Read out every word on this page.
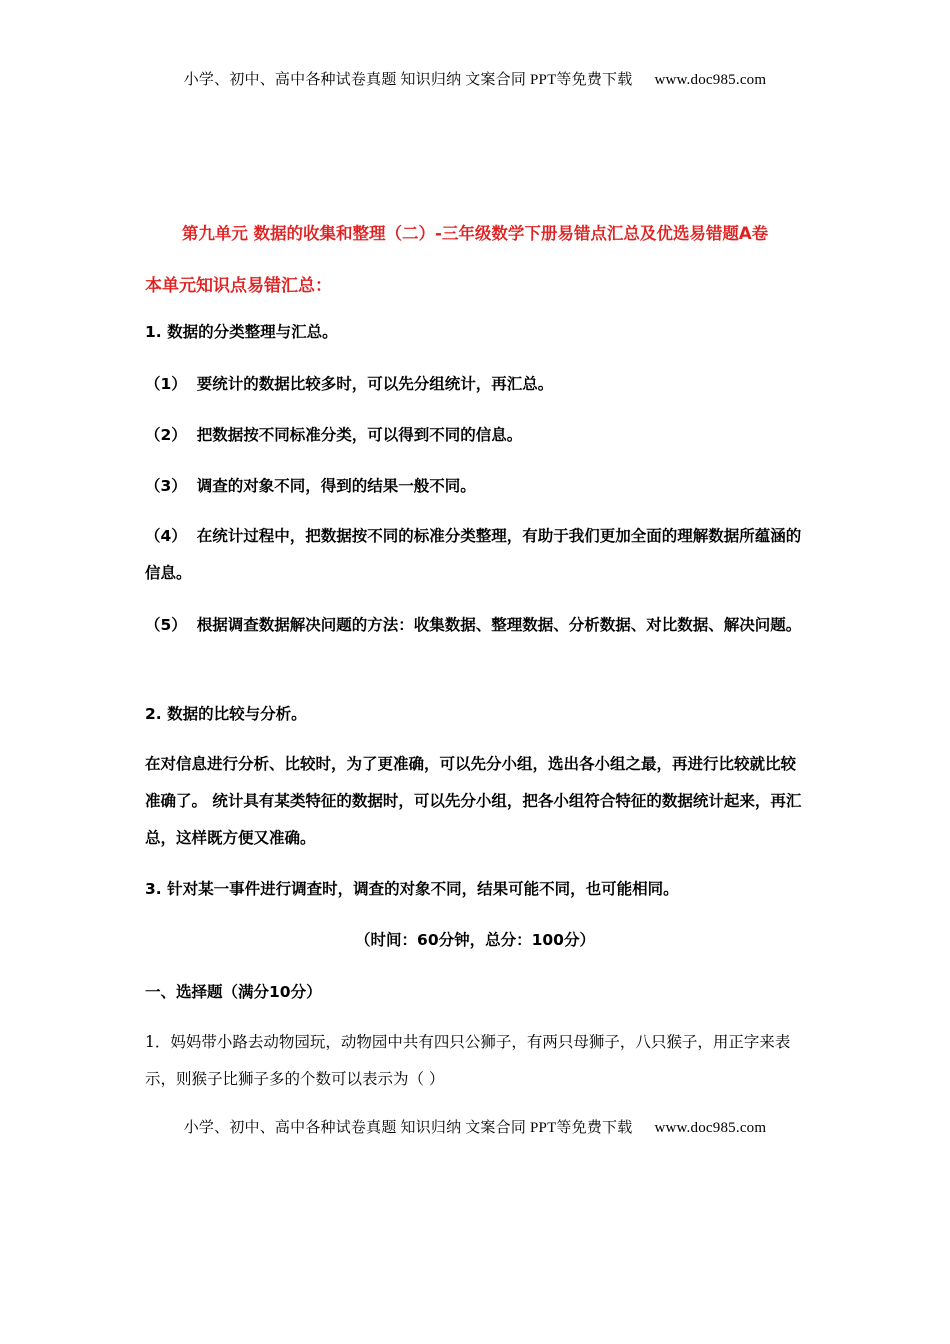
小学、初中、高中各种试卷真题 知识归纳 文案合同 PPT等免费下载 www.doc985.com
第九单元 数据的收集和整理（二）-三年级数学下册易错点汇总及优选易错题A卷
本单元知识点易错汇总：
1. 数据的分类整理与汇总。
（1） 要统计的数据比较多时，可以先分组统计，再汇总。
（2） 把数据按不同标准分类，可以得到不同的信息。
（3） 调查的对象不同，得到的结果一般不同。
（4） 在统计过程中，把数据按不同的标准分类整理，有助于我们更加全面的理解数据所蕴涵的信息。
（5） 根据调查数据解决问题的方法：收集数据、整理数据、分析数据、对比数据、解决问题。
2. 数据的比较与分析。
在对信息进行分析、比较时，为了更准确，可以先分小组，选出各小组之最，再进行比较就比较准确了。 统计具有某类特征的数据时，可以先分小组，把各小组符合特征的数据统计起来，再汇总，这样既方便又准确。
3. 针对某一事件进行调查时，调查的对象不同，结果可能不同，也可能相同。
（时间：60分钟，总分：100分）
一、选择题（满分10分）
1．妈妈带小路去动物园玩，动物园中共有四只公狮子，有两只母狮子，八只猴子，用正字来表示，则猴子比狮子多的个数可以表示为（ ）
小学、初中、高中各种试卷真题 知识归纳 文案合同 PPT等免费下载 www.doc985.com
